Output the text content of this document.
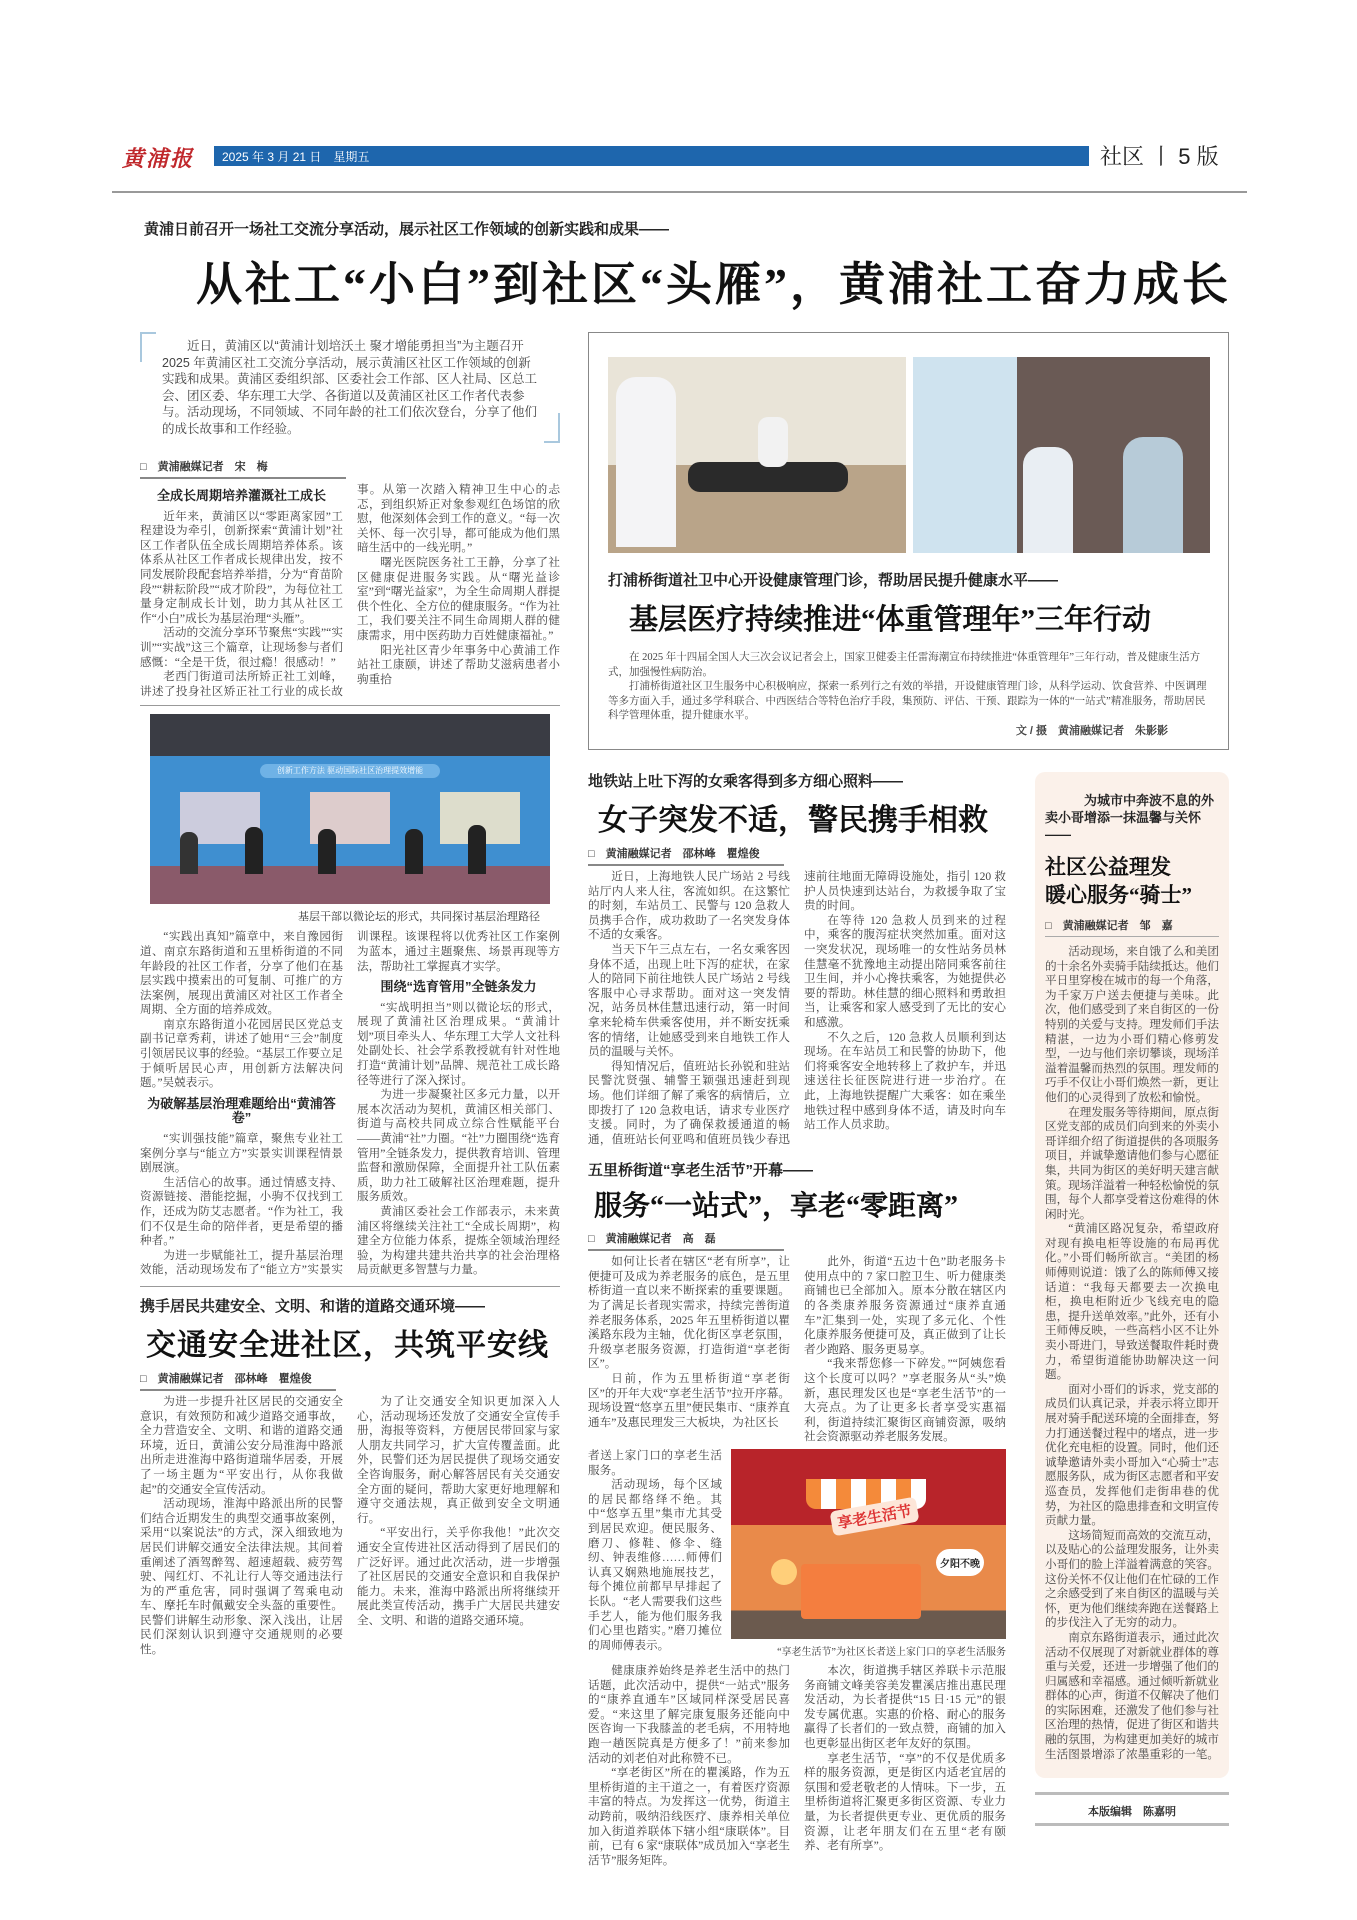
黄浦报	2025 年 3 月 21 日　星期五	社区 丨 5 版
黄浦日前召开一场社工交流分享活动，展示社区工作领域的创新实践和成果——
从社工“小白”到社区“头雁”，黄浦社工奋力成长

近日，黄浦区以“黄浦计划培沃土 聚才增能勇担当”为主题召开2025 年黄浦区社工交流分享活动，展示黄浦区社区工作领域的创新实践和成果。黄浦区委组织部、区委社会工作部、区人社局、区总工会、团区委、华东理工大学、各街道以及黄浦区社区工作者代表参与。活动现场，不同领域、不同年龄的社工们依次登台，分享了他们的成长故事和工作经验。

□　黄浦融媒记者　宋　梅
全成长周期培养灌溉社工成长

近年来，黄浦区以“零距离家园”工程建设为牵引，创新探索“黄浦计划”社区工作者队伍全成长周期培养体系。该体系从社区工作者成长规律出发，按不同发展阶段配套培养举措，分为“育苗阶段”“耕耘阶段”“成才阶段”，为每位社工量身定制成长计划，助力其从社区工作“小白”成长为基层治理“头雁”。

活动的交流分享环节聚焦“实践”“实训”“实战”这三个篇章，让现场参与者们感慨：“全是干货，很过瘾！很感动！”

老西门街道司法所矫正社工刘峰，讲述了投身社区矫正社工行业的成长故事。从第一次踏入精神卫生中心的忐忑，到组织矫正对象参观红色场馆的欣慰，他深刻体会到工作的意义。“每一次关怀、每一次引导，都可能成为他们黑暗生活中的一线光明。”

曙光医院医务社工王静，分享了社区健康促进服务实践。从“曙光益诊室”到“曙光益家”，为全生命周期人群提供个性化、全方位的健康服务。“作为社工，我们要关注不同生命周期人群的健康需求，用中医药助力百姓健康福祉。”

阳光社区青少年事务中心黄浦工作站社工康颐，讲述了帮助艾滋病患者小驹重拾

创新工作方法 驱动国际社区治理提效增能
基层干部以微论坛的形式，共同探讨基层治理路径

“实践出真知”篇章中，来自豫园街道、南京东路街道和五里桥街道的不同年龄段的社区工作者，分享了他们在基层实践中摸索出的可复制、可推广的方法案例，展现出黄浦区对社区工作者全周期、全方面的培养成效。

南京东路街道小花园居民区党总支副书记章秀莉，讲述了她用“三会”制度引领居民议事的经验。“基层工作要立足于倾听居民心声，用创新方法解决问题。”吴兢表示。

为破解基层治理难题给出“黄浦答卷”

“实训强技能”篇章，聚焦专业社工案例分享与“能立方”实景实训课程情景剧展演。

生活信心的故事。通过情感支持、资源链接、潜能挖掘，小驹不仅找到工作，还成为防艾志愿者。“作为社工，我们不仅是生命的陪伴者，更是希望的播种者。”

为进一步赋能社工，提升基层治理效能，活动现场发布了“能立方”实景实训课程。该课程将以优秀社区工作案例为蓝本，通过主题聚焦、场景再现等方法，帮助社工掌握真才实学。

围绕“选育管用”全链条发力

“实战明担当”则以微论坛的形式，展现了黄浦社区治理成果。“黄浦计划”项目牵头人、华东理工大学人文社科处副处长、社会学系教授就有针对性地打造“黄浦计划”品牌、规范社工成长路径等进行了深入探讨。

为进一步凝聚社区多元力量，以开展本次活动为契机，黄浦区相关部门、街道与高校共同成立综合性赋能平台——黄浦“社”力圈。“社”力圈围绕“选育管用”全链条发力，提供教育培训、管理监督和激励保障，全面提升社工队伍素质，助力社工破解社区治理难题，提升服务质效。

黄浦区委社会工作部表示，未来黄浦区将继续关注社工“全成长周期”，构建全方位能力体系，提炼全领域治理经验，为构建共建共治共享的社会治理格局贡献更多智慧与力量。

携手居民共建安全、文明、和谐的道路交通环境——
交通安全进社区，共筑平安线
□　黄浦融媒记者　邵林峰　瞿煌俊

为进一步提升社区居民的交通安全意识，有效预防和减少道路交通事故，全力营造安全、文明、和谐的道路交通环境，近日，黄浦公安分局淮海中路派出所走进淮海中路街道瑞华居委，开展了一场主题为“平安出行，从你我做起”的交通安全宣传活动。

活动现场，淮海中路派出所的民警们结合近期发生的典型交通事故案例，采用“以案说法”的方式，深入细致地为居民们讲解交通安全法律法规。其间着重阐述了酒驾醉驾、超速超载、疲劳驾驶、闯红灯、不礼让行人等交通违法行为的严重危害，同时强调了驾乘电动车、摩托车时佩戴安全头盔的重要性。民警们讲解生动形象、深入浅出，让居民们深刻认识到遵守交通规则的必要性。

为了让交通安全知识更加深入人心，活动现场还发放了交通安全宣传手册，海报等资料，方便居民带回家与家人朋友共同学习，扩大宣传覆盖面。此外，民警们还为居民提供了现场交通安全咨询服务，耐心解答居民有关交通安全方面的疑问，帮助大家更好地理解和遵守交通法规，真正做到安全文明通行。

“平安出行，关乎你我他！”此次交通安全宣传进社区活动得到了居民们的广泛好评。通过此次活动，进一步增强了社区居民的交通安全意识和自我保护能力。未来，淮海中路派出所将继续开展此类宣传活动，携手广大居民共建安全、文明、和谐的道路交通环境。

打浦桥街道社卫中心开设健康管理门诊，帮助居民提升健康水平——
基层医疗持续推进“体重管理年”三年行动

在 2025 年十四届全国人大三次会议记者会上，国家卫健委主任雷海潮宣布持续推进“体重管理年”三年行动，普及健康生活方式，加强慢性病防治。

打浦桥街道社区卫生服务中心积极响应，探索一系列行之有效的举措，开设健康管理门诊，从科学运动、饮食营养、中医调理等多方面入手，通过多学科联合、中西医结合等特色治疗手段，集预防、评估、干预、跟踪为一体的“一站式”精准服务，帮助居民科学管理体重，提升健康水平。

文 / 摄　黄浦融媒记者　朱影影
地铁站上吐下泻的女乘客得到多方细心照料——
女子突发不适，警民携手相救
□　黄浦融媒记者　邵林峰　瞿煌俊

近日，上海地铁人民广场站 2 号线站厅内人来人往，客流如织。在这繁忙的时刻，车站员工、民警与 120 急救人员携手合作，成功救助了一名突发身体不适的女乘客。

当天下午三点左右，一名女乘客因身体不适，出现上吐下泻的症状，在家人的陪同下前往地铁人民广场站 2 号线客服中心寻求帮助。面对这一突发情况，站务员林佳慧迅速行动，第一时间拿来轮椅车供乘客使用，并不断安抚乘客的情绪，让她感受到来自地铁工作人员的温暖与关怀。

得知情况后，值班站长孙锐和驻站民警沈贤强、辅警王颖强迅速赶到现场。他们详细了解了乘客的病情后，立即拨打了 120 急救电话，请求专业医疗支援。同时，为了确保救援通道的畅通，值班站长何亚鸣和值班员钱少春迅速前往地面无障碍设施处，指引 120 救护人员快速到达站台，为救援争取了宝贵的时间。

在等待 120 急救人员到来的过程中，乘客的腹泻症状突然加重。面对这一突发状况，现场唯一的女性站务员林佳慧毫不犹豫地主动提出陪同乘客前往卫生间，并小心搀扶乘客，为她提供必要的帮助。林佳慧的细心照料和勇敢担当，让乘客和家人感受到了无比的安心和感激。

不久之后，120 急救人员顺利到达现场。在车站员工和民警的协助下，他们将乘客安全地转移上了救护车，并迅速送往长征医院进行进一步治疗。在此，上海地铁提醒广大乘客：如在乘坐地铁过程中感到身体不适，请及时向车站工作人员求助。

五里桥街道“享老生活节”开幕——
服务“一站式”，享老“零距离”
□　黄浦融媒记者　高　磊

如何让长者在辖区“老有所享”，让便捷可及成为养老服务的底色，是五里桥街道一直以来不断探索的重要课题。为了满足长者现实需求，持续完善街道养老服务体系，2025 年五里桥街道以瞿溪路东段为主轴，优化街区享老氛围，升级享老服务资源，打造街道“享老街区”。

日前，作为五里桥街道“享老街区”的开年大戏“享老生活节”拉开序幕。现场设置“悠享五里”便民集市、“康养直通车”及惠民理发三大板块，为社区长

此外，街道“五边十色”助老服务卡使用点中的 7 家口腔卫生、听力健康类商铺也已全部加入。原本分散在辖区内的各类康养服务资源通过“康养直通车”汇集到一处，实现了多元化、个性化康养服务便捷可及，真正做到了让长者少跑路、服务更易享。

“我来帮您修一下碎发。”“阿姨您看这个长度可以吗？”享老服务从“头”焕新，惠民理发区也是“享老生活节”的一大亮点。为了让更多长者享受实惠福利，街道持续汇聚街区商铺资源，吸纳社会资源驱动养老服务发展。

者送上家门口的享老生活服务。

活动现场，每个区域的居民都络绎不绝。其中“悠享五里”集市尤其受到居民欢迎。便民服务、磨刀、修鞋、修伞、缝纫、钟表维修……师傅们认真又娴熟地施展技艺，每个摊位前都早早排起了长队。“老人需要我们这些手艺人，能为他们服务我们心里也踏实。”磨刀摊位的周师傅表示。

享老生活节
夕阳不晚
“享老生活节”为社区长者送上家门口的享老生活服务

健康康养始终是养老生活中的热门话题，此次活动中，提供“一站式”服务的“康养直通车”区域同样深受居民喜爱。“来这里了解完康复服务还能向中医咨询一下我膝盖的老毛病，不用特地跑一趟医院真是方便多了！”前来参加活动的刘老伯对此称赞不已。

“享老街区”所在的瞿溪路，作为五里桥街道的主干道之一，有着医疗资源丰富的特点。为发挥这一优势，街道主动跨前，吸纳沿线医疗、康养相关单位加入街道养联体下辖小组“康联体”。目前，已有 6 家“康联体”成员加入“享老生活节”服务矩阵。

本次，街道携手辖区养联卡示范服务商铺文峰美容美发瞿溪店推出惠民理发活动，为长者提供“15 日·15 元”的银发专属优惠。实惠的价格、耐心的服务赢得了长者们的一致点赞，商铺的加入也更彰显出街区老年友好的氛围。

享老生活节，“享”的不仅是优质多样的服务资源，更是街区内适老宜居的氛围和爱老敬老的人情味。下一步，五里桥街道将汇聚更多街区资源、专业力量，为长者提供更专业、更优质的服务资源，让老年朋友们在五里“老有颐养、老有所享”。

为城市中奔波不息的外卖小哥增添一抹温馨与关怀——
社区公益理发
暖心服务“骑士”
□　黄浦融媒记者　邹　嘉

活动现场，来自饿了么和美团的十余名外卖骑手陆续抵达。他们平日里穿梭在城市的每一个角落，为千家万户送去便捷与美味。此次，他们感受到了来自街区的一份特别的关爱与支持。理发师们手法精湛，一边为小哥们精心修剪发型，一边与他们亲切攀谈，现场洋溢着温馨而热烈的氛围。理发师的巧手不仅让小哥们焕然一新，更让他们的心灵得到了放松和愉悦。

在理发服务等待期间，原点街区党支部的成员们向到来的外卖小哥详细介绍了街道提供的各项服务项目，并诚挚邀请他们参与心愿征集，共同为街区的美好明天建言献策。现场洋溢着一种轻松愉悦的氛围，每个人都享受着这份难得的休闲时光。

“黄浦区路况复杂，希望政府对现有换电柜等设施的布局再优化。”小哥们畅所欲言。“美团的杨师傅则说道：饿了么的陈师傅又接话道：“我每天都要去一次换电柜，换电柜附近少飞线充电的隐患，提升送单效率。”此外，还有小王师傅反映，一些高档小区不让外卖小哥进门，导致送餐取件耗时费力，希望街道能协助解决这一问题。

面对小哥们的诉求，党支部的成员们认真记录，并表示将立即开展对骑手配送环境的全面排查，努力打通送餐过程中的堵点，进一步优化充电柜的设置。同时，他们还诚挚邀请外卖小哥加入“心骑士”志愿服务队，成为街区志愿者和平安巡查员，发挥他们走街串巷的优势，为社区的隐患排查和文明宣传贡献力量。

这场简短而高效的交流互动，以及贴心的公益理发服务，让外卖小哥们的脸上洋溢着满意的笑容。这份关怀不仅让他们在忙碌的工作之余感受到了来自街区的温暖与关怀，更为他们继续奔跑在送餐路上的步伐注入了无穷的动力。

南京东路街道表示，通过此次活动不仅展现了对新就业群体的尊重与关爱，还进一步增强了他们的归属感和幸福感。通过倾听新就业群体的心声，街道不仅解决了他们的实际困难，还激发了他们参与社区治理的热情，促进了街区和谐共融的氛围，为构建更加美好的城市生活图景增添了浓墨重彩的一笔。

本版编辑　陈嘉明
